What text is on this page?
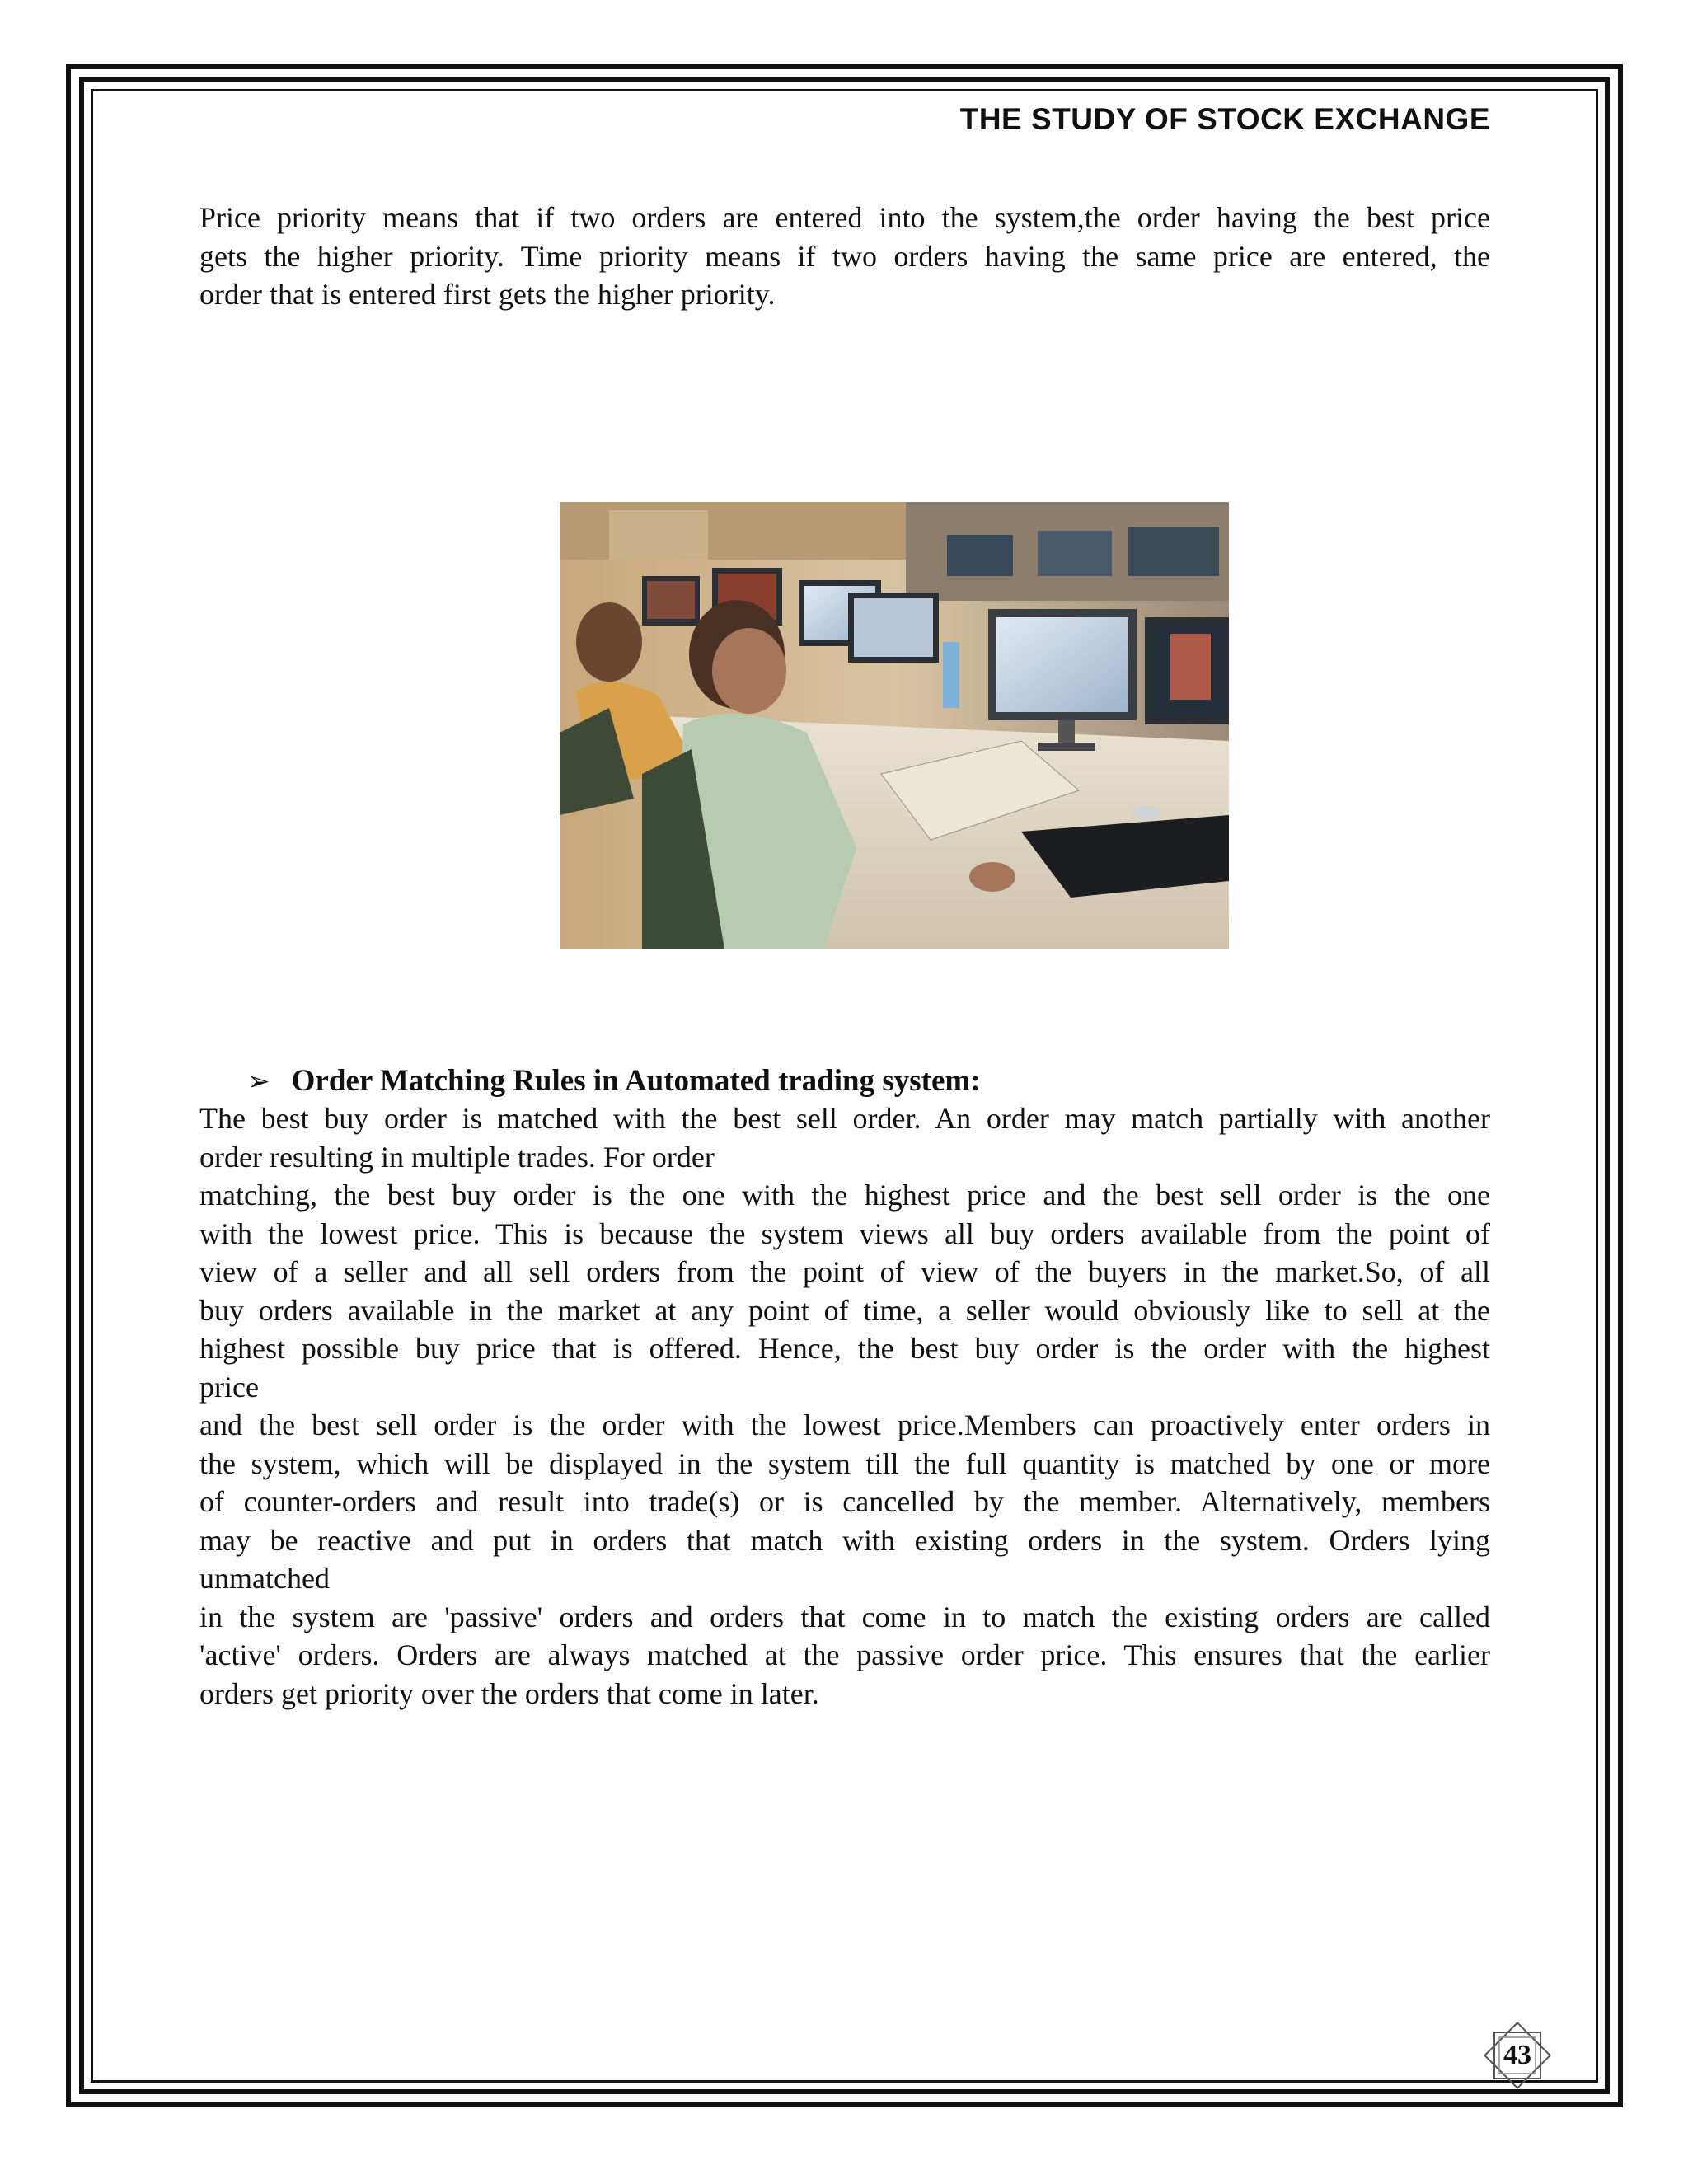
THE STUDY OF STOCK EXCHANGE
Price priority means that if two orders are entered into the system,the order having the best price
gets the higher priority. Time priority means if two orders having the same price are entered, the
order that is entered first gets the higher priority.
➢ Order Matching Rules in Automated trading system:
The best buy order is matched with the best sell order. An order may match partially with another
order resulting in multiple trades. For order
matching, the best buy order is the one with the highest price and the best sell order is the one
with the lowest price. This is because the system views all buy orders available from the point of
view of a seller and all sell orders from the point of view of the buyers in the market.So, of all
buy orders available in the market at any point of time, a seller would obviously like to sell at the
highest possible buy price that is offered. Hence, the best buy order is the order with the highest
price
and the best sell order is the order with the lowest price.Members can proactively enter orders in
the system, which will be displayed in the system till the full quantity is matched by one or more
of counter-orders and result into trade(s) or is cancelled by the member. Alternatively, members
may be reactive and put in orders that match with existing orders in the system. Orders lying
unmatched
in the system are 'passive' orders and orders that come in to match the existing orders are called
'active' orders. Orders are always matched at the passive order price. This ensures that the earlier
orders get priority over the orders that come in later.
43
